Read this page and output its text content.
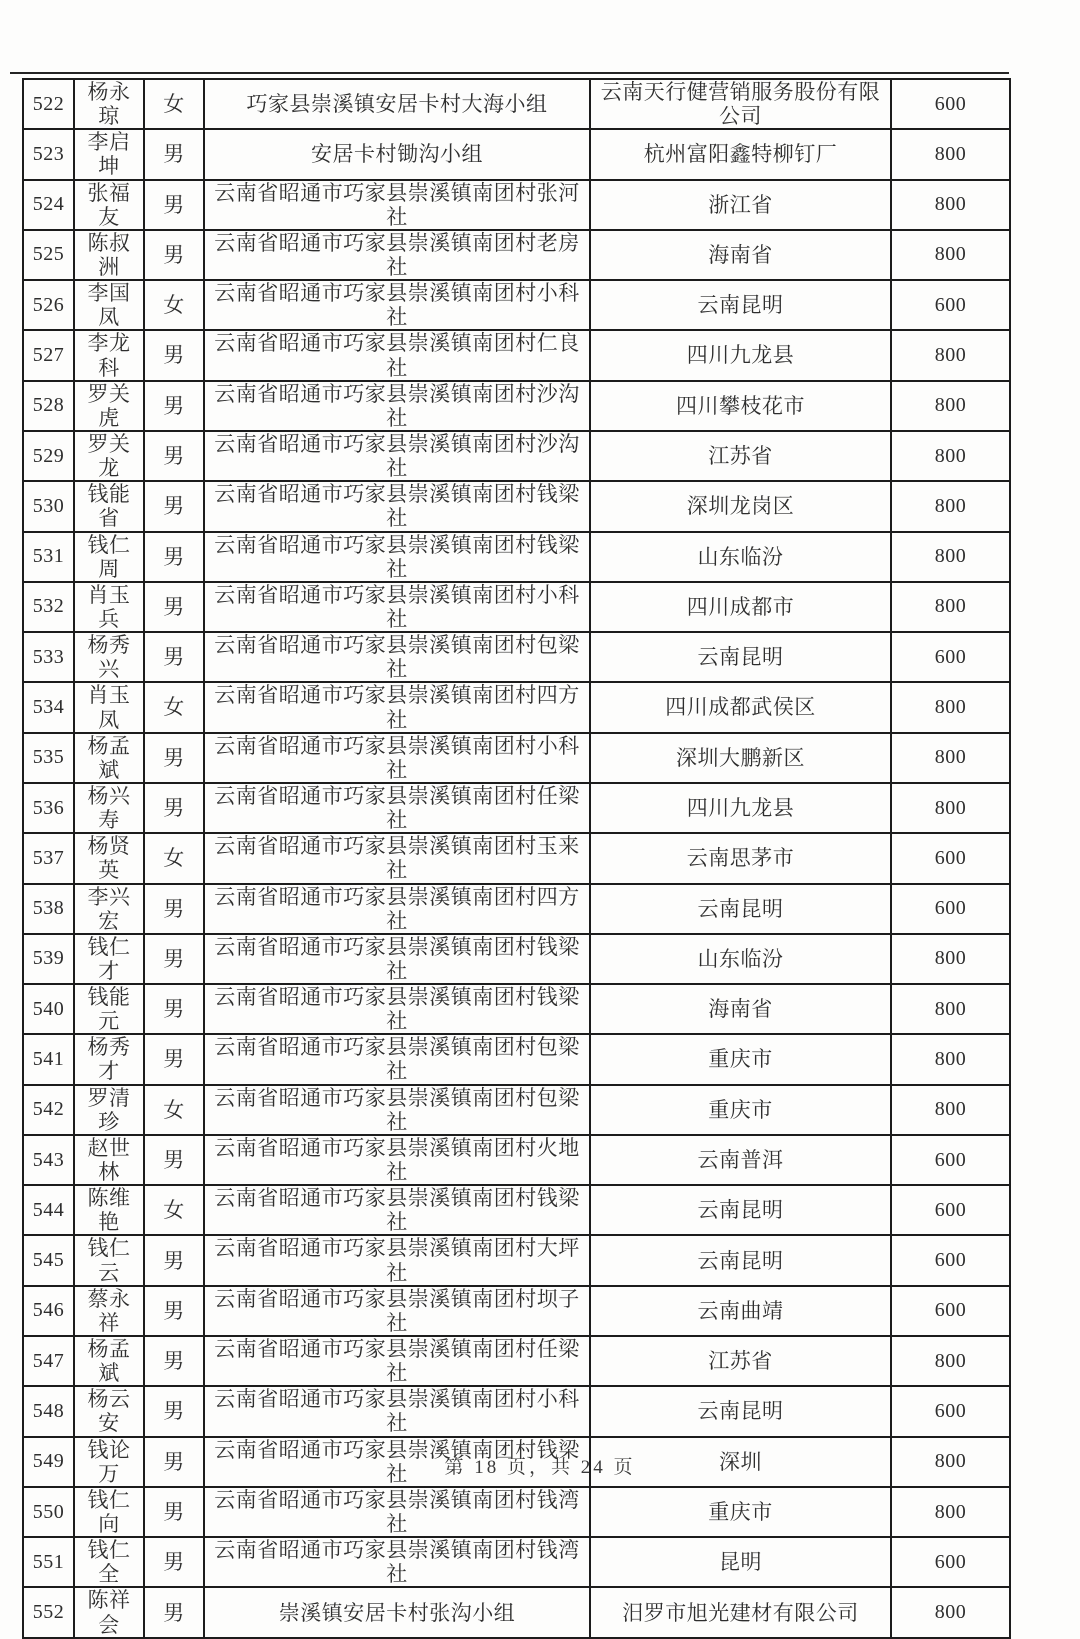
522	杨永琼	女	巧家县崇溪镇安居卡村大海小组	云南天行健营销服务股份有限公司	600
523	李启坤	男	安居卡村锄沟小组	杭州富阳鑫特柳钉厂	800
524	张福友	男	云南省昭通市巧家县崇溪镇南团村张河社	浙江省	800
525	陈叔洲	男	云南省昭通市巧家县崇溪镇南团村老房社	海南省	800
526	李国凤	女	云南省昭通市巧家县崇溪镇南团村小科社	云南昆明	600
527	李龙科	男	云南省昭通市巧家县崇溪镇南团村仁良社	四川九龙县	800
528	罗关虎	男	云南省昭通市巧家县崇溪镇南团村沙沟社	四川攀枝花市	800
529	罗关龙	男	云南省昭通市巧家县崇溪镇南团村沙沟社	江苏省	800
530	钱能省	男	云南省昭通市巧家县崇溪镇南团村钱梁社	深圳龙岗区	800
531	钱仁周	男	云南省昭通市巧家县崇溪镇南团村钱梁社	山东临汾	800
532	肖玉兵	男	云南省昭通市巧家县崇溪镇南团村小科社	四川成都市	800
533	杨秀兴	男	云南省昭通市巧家县崇溪镇南团村包梁社	云南昆明	600
534	肖玉凤	女	云南省昭通市巧家县崇溪镇南团村四方社	四川成都武侯区	800
535	杨孟斌	男	云南省昭通市巧家县崇溪镇南团村小科社	深圳大鹏新区	800
536	杨兴寿	男	云南省昭通市巧家县崇溪镇南团村任梁社	四川九龙县	800
537	杨贤英	女	云南省昭通市巧家县崇溪镇南团村玉来社	云南思茅市	600
538	李兴宏	男	云南省昭通市巧家县崇溪镇南团村四方社	云南昆明	600
539	钱仁才	男	云南省昭通市巧家县崇溪镇南团村钱梁社	山东临汾	800
540	钱能元	男	云南省昭通市巧家县崇溪镇南团村钱梁社	海南省	800
541	杨秀才	男	云南省昭通市巧家县崇溪镇南团村包梁社	重庆市	800
542	罗清珍	女	云南省昭通市巧家县崇溪镇南团村包梁社	重庆市	800
543	赵世林	男	云南省昭通市巧家县崇溪镇南团村火地社	云南普洱	600
544	陈维艳	女	云南省昭通市巧家县崇溪镇南团村钱梁社	云南昆明	600
545	钱仁云	男	云南省昭通市巧家县崇溪镇南团村大坪社	云南昆明	600
546	蔡永祥	男	云南省昭通市巧家县崇溪镇南团村坝子社	云南曲靖	600
547	杨孟斌	男	云南省昭通市巧家县崇溪镇南团村任梁社	江苏省	800
548	杨云安	男	云南省昭通市巧家县崇溪镇南团村小科社	云南昆明	600
549	钱论万	男	云南省昭通市巧家县崇溪镇南团村钱梁社	深圳	800
550	钱仁向	男	云南省昭通市巧家县崇溪镇南团村钱湾社	重庆市	800
551	钱仁全	男	云南省昭通市巧家县崇溪镇南团村钱湾社	昆明	600
552	陈祥会	男	崇溪镇安居卡村张沟小组	汨罗市旭光建材有限公司	800
第 18 页，共 24 页
